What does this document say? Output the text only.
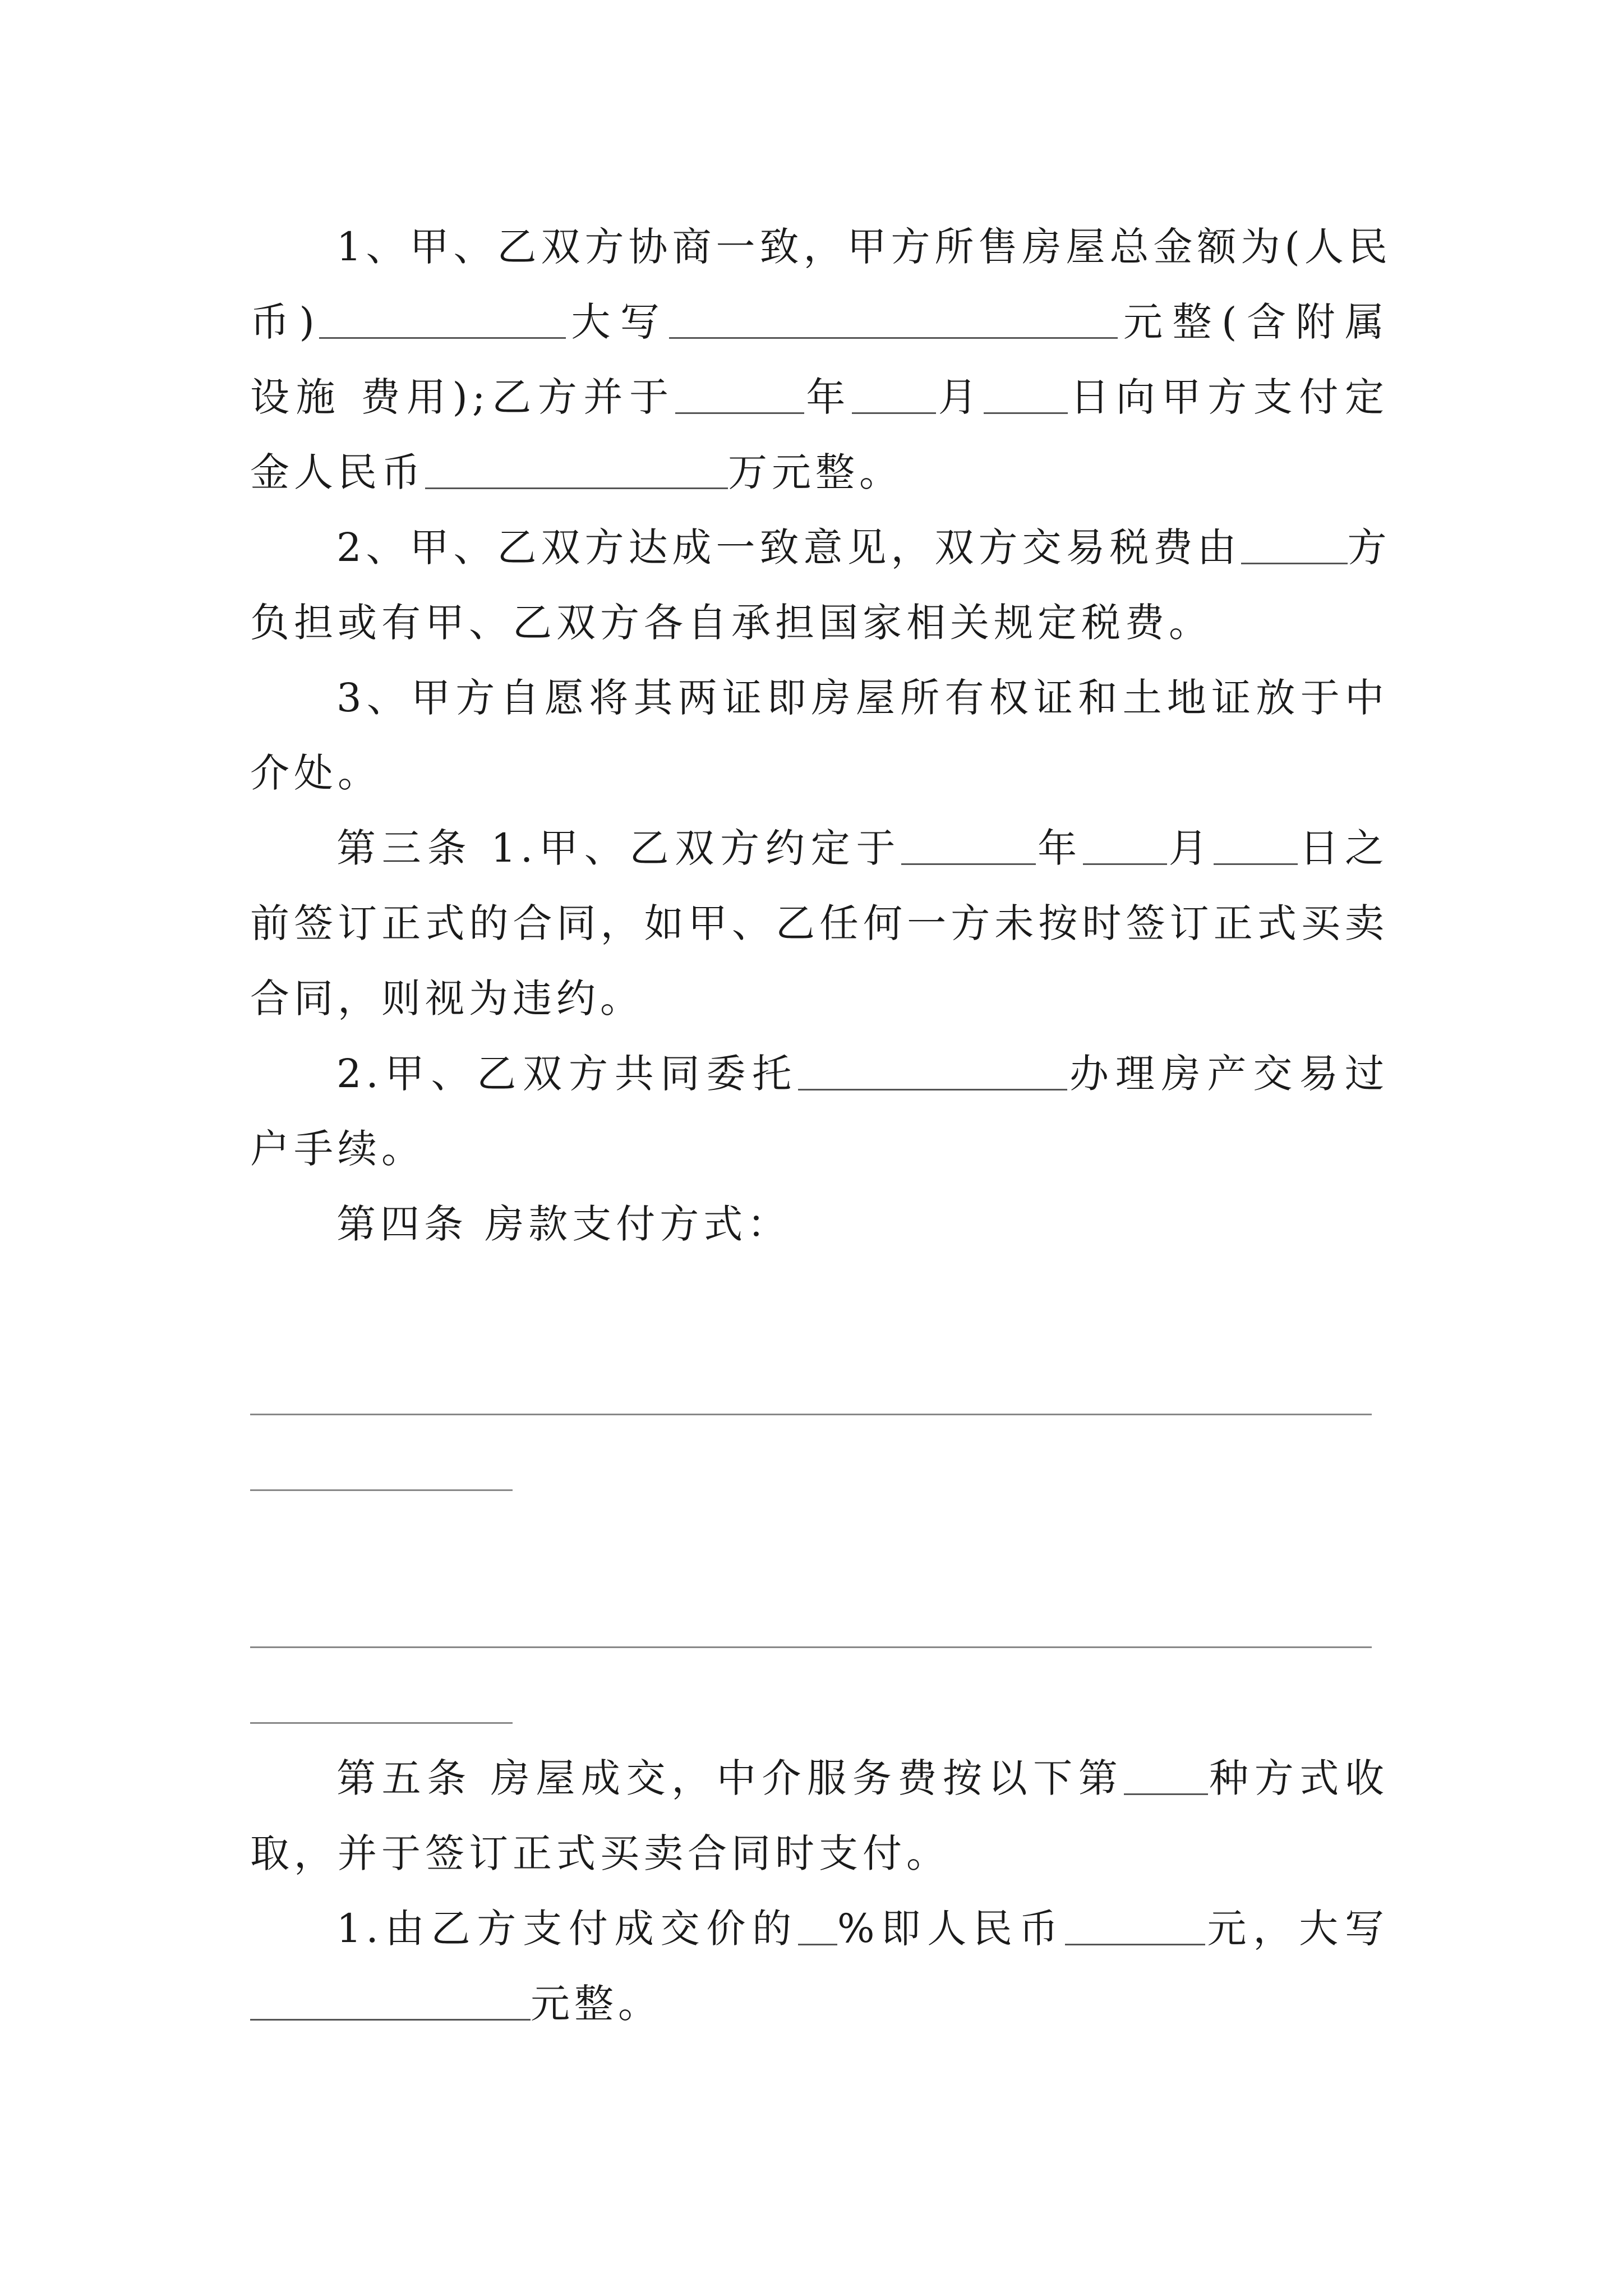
1、甲、乙双方协商一致，甲方所售房屋总金额为(人民
币)	大写	元整(含附属
设施 费用);乙方并于	年 月 日向甲方支付定
金人民币	万元整。
2、甲、乙双方达成一致意见，双方交易税费由	方
负担或有甲、乙双方各自承担国家相关规定税费。
3、甲方自愿将其两证即房屋所有权证和土地证放于中
介处。
第三条 1.甲、乙双方约定于	年 月 日之
前签订正式的合同，如甲、乙任何一方未按时签订正式买卖
合同，则视为违约。
2.甲、乙双方共同委托	办理房产交易过
户手续。
第四条 房款支付方式：
第五条 房屋成交，中介服务费按以下第 种方式收
取，并于签订正式买卖合同时支付。
1.由乙方支付成交价的 %即人民币	元，大写
元整。
